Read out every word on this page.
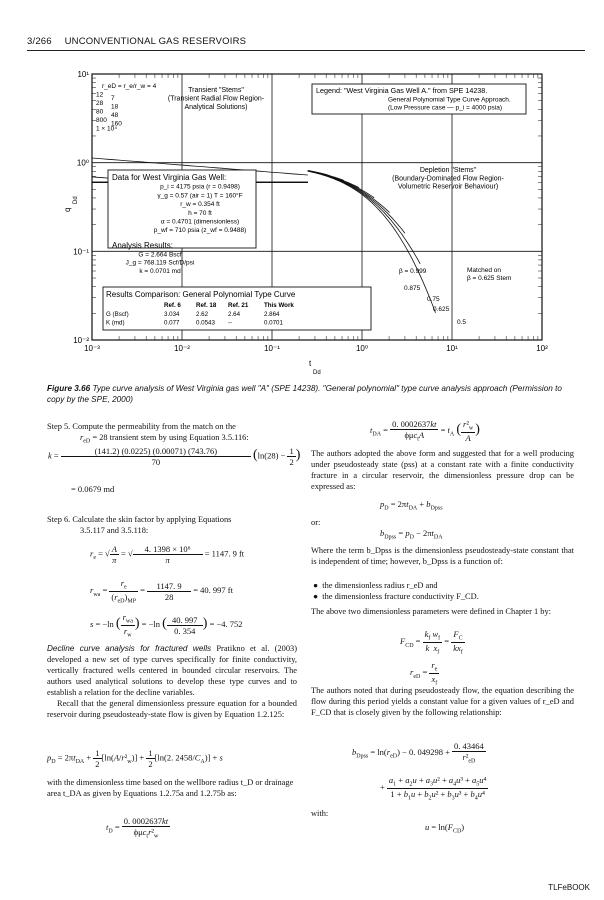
3/266 UNCONVENTIONAL GAS RESERVOIRS
10⁻³	10⁻²	10⁻¹	10⁰	10¹	10²
10¹
10⁰
10⁻¹
10⁻²
t
Dd
q
Dd
r_eD = r_e/r_w = 4
12
28
80
800
1 × 10⁴
7
18
48
160
Transient "Stems"
(Transient Radial Flow Region-
Analytical Solutions)
Legend: "West Virginia Gas Well A." from SPE 14238.
General Polynomial Type Curve Approach.
(Low Pressure case — p_i = 4000 psia)
Depletion "Stems"
(Boundary-Dominated Flow Region-
Volumetric Reservoir Behaviour)
Data for West Virginia Gas Well:
p_i = 4175 psia (r = 0.9498)
γ_g = 0.57 (air = 1) T = 160°F
r_w = 0.354 ft
h = 70 ft
α = 0.4701 (dimensionless)
p_wf = 710 psia (z_wf = 0.9488)
Analysis Results:
G = 2.664 Bscf
J_g = 768.119 Scf/D/psi
k = 0.0701 md	β = 0.999
0.875
0.75
0.625
0.5
Matched on
β = 0.625 Stem
Results Comparison: General Polynomial Type Curve
Ref. 6 Ref. 18 Ref. 21	This Work
G (Bscf)	3.034	2.62	2.64	2.864
K (md)	0.077	0.0543 --	0.0701
Figure 3.66 Type curve analysis of West Virginia gas well "A" (SPE 14238). "General polynomial" type curve analysis approach (Permission to copy by the SPE, 2000)

Step 5. Compute the permeability from the match on the

$r_{eD} = 28$ transient stem by using Equation 3.5.116:

$k = \frac{(141.2) (0.0225) (0.00071) (743.76)}{70} (\ln(28) - \frac{1}{2}$ )
= 0.0679 md

Step 6. Calculate the skin factor by applying Equations

3.5.117 and 3.5.118:

$r_e$ = √ $\frac{A}{\pi}$ = √ $\frac{\text{4. 1398 × 10⁶}}{\pi} = 1147$. 9 ft
$r_{wa} = \frac{r_e}{(r_{eD})_{MP}} = \frac{1147. 9}{28} = 40$. 997 ft
s = −ln ( $\frac{r_{wa}}{r_w}$ ) = −ln ( $\frac{40. 997}{0. 354}$ ) = −4. 752

Decline curve analysis for fractured wells Pratikno et al. (2003) developed a new set of type curves specifically for finite conductivity, vertically fractured wells centered in bounded circular reservoirs. The authors used analytical solutions to develop these type curves and to establish a relation for the decline variables.

Recall that the general dimensionless pressure equation for a bounded reservoir during pseudosteady-state flow is given by Equation 1.2.125:

$p_D = 2\pi t_{DA} + \frac{1}{2} [\ln(A/r^2_w)] + \frac{1}{2} [\ln(2$. $2458/C_A)] + s$
with the dimensionless time based on the wellbore radius t_D or drainage area t_DA as given by Equations 1.2.75a and 1.2.75b as:
$t_D = \frac{0. 0002637kt}{\phi\mu c_tr^2_w}$
$t_{DA} = \frac{0. 0002637kt}{\phi\mu c_tA} = t_A$ ( $\frac{r^2_w}{A}$ )
The authors adopted the above form and suggested that for a well producing under pseudosteady state (pss) at a constant rate with a finite conductivity fracture in a circular reservoir, the dimensionless pressure drop can be expressed as:
$p_D = 2\pi t_{DA} + b_{Dpss}$
or:
$b_{Dpss} = p_D - 2\pi t_{DA}$
Where the term b_Dpss is the dimensionless pseudosteady-state constant that is independent of time; however, b_Dpss is a function of:

●  the dimensionless radius r_eD and

●  the dimensionless fracture conductivity F_CD.

The above two dimensionless parameters were defined in Chapter 1 by:
$F_{CD} = \frac{k_f w_f}{k x_f} = \frac{F_C}{kx_f}$
$r_{eD} = \frac{r_e}{x_f}$
The authors noted that during pseudosteady flow, the equation describing the flow during this period yields a constant value for a given values of r_eD and F_CD that is closely given by the following relationship:
$b_{Dpss} = \ln(r_{eD}) - 0$. $049298 + \frac{0. 43464}{r^2_{eD}}$
+ $\frac{a_1 + a_2u + a_3u^2 + a_4u^3 + a_5u^4}{1 + b_1u + b_2u^2 + b_3u^3 + b_4u^4}$
with:
$u = \ln(F_{CD})$
TLFeBOOK
